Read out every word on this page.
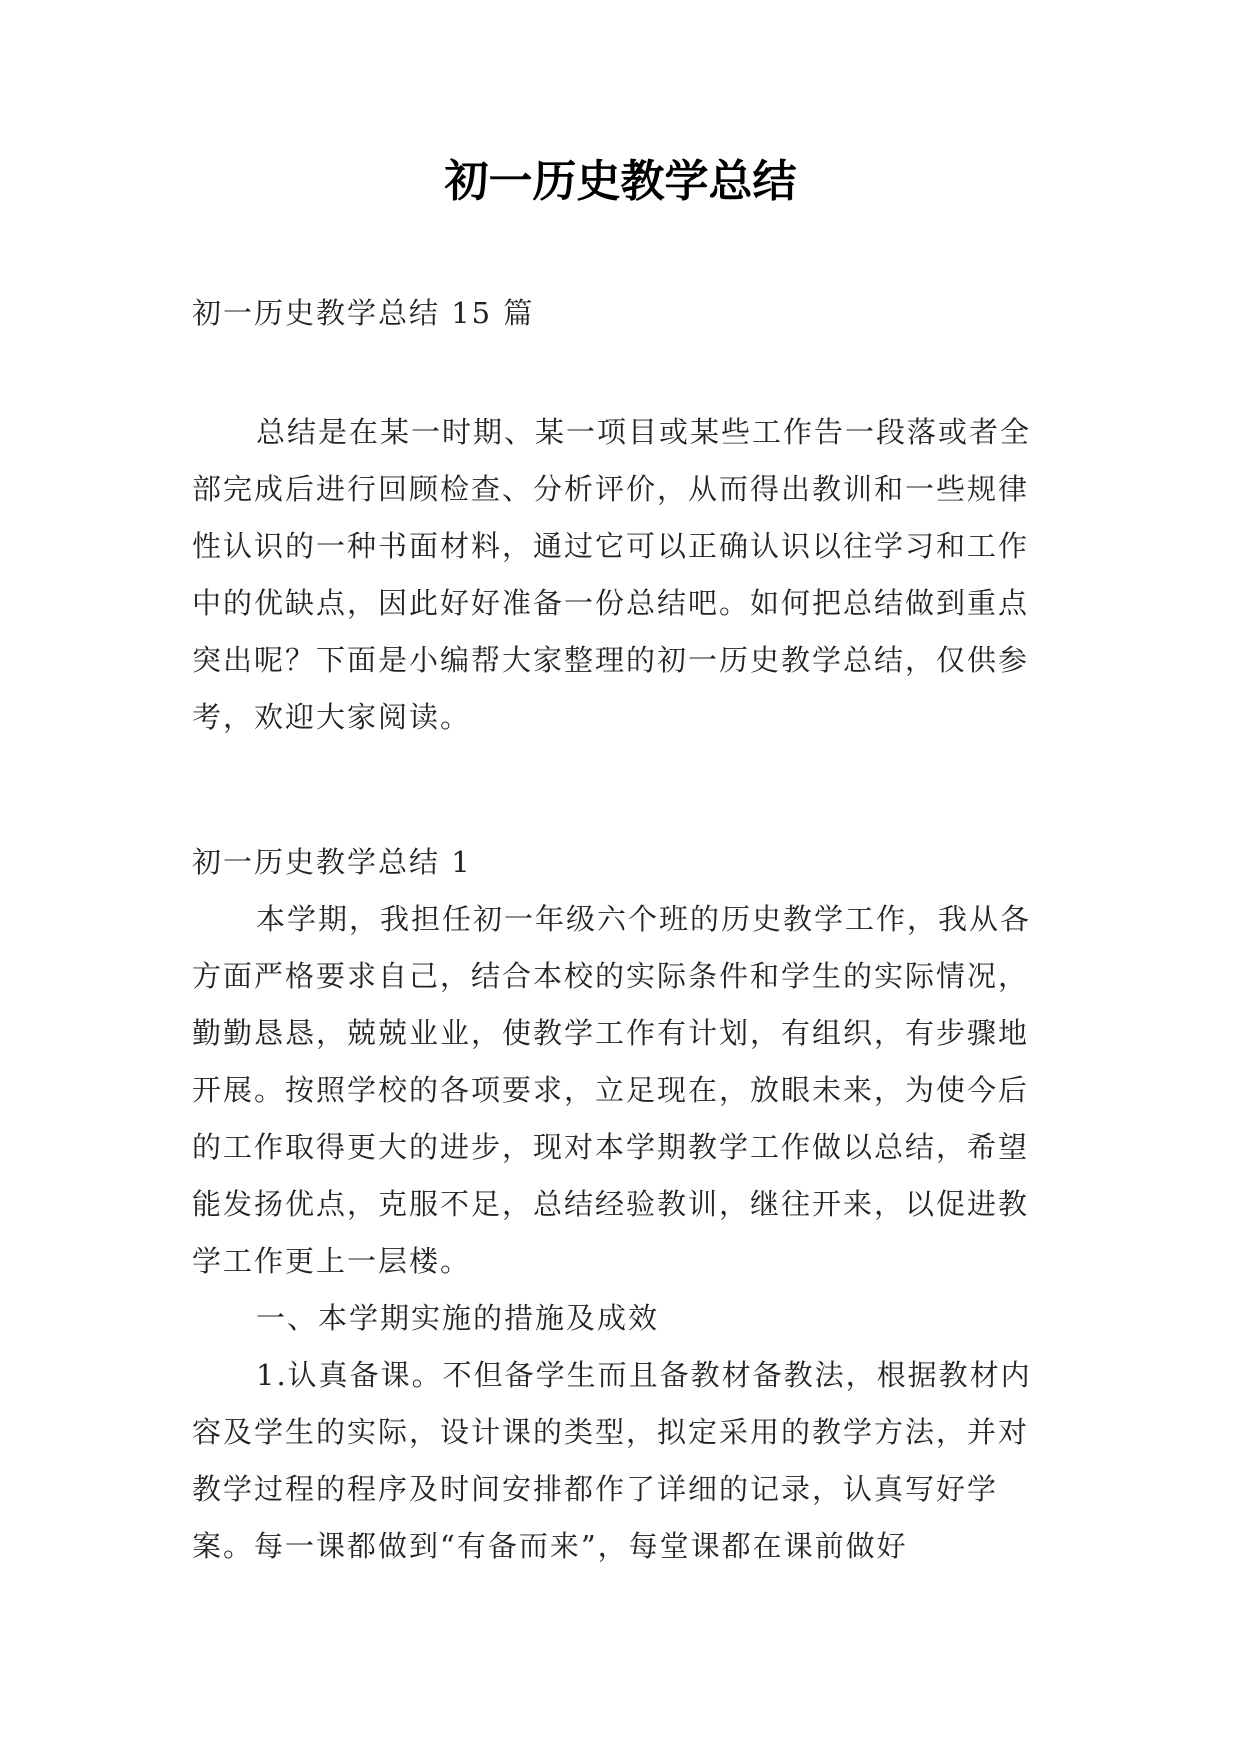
初一历史教学总结

初一历史教学总结 15 篇

总结是在某一时期、某一项目或某些工作告一段落或者全部完成后进行回顾检查、分析评价，从而得出教训和一些规律性认识的一种书面材料，通过它可以正确认识以往学习和工作中的优缺点，因此好好准备一份总结吧。如何把总结做到重点突出呢？下面是小编帮大家整理的初一历史教学总结，仅供参考，欢迎大家阅读。

初一历史教学总结 1

本学期，我担任初一年级六个班的历史教学工作，我从各方面严格要求自己，结合本校的实际条件和学生的实际情况，勤勤恳恳，兢兢业业，使教学工作有计划，有组织，有步骤地开展。按照学校的各项要求，立足现在，放眼未来，为使今后的工作取得更大的进步，现对本学期教学工作做以总结，希望能发扬优点，克服不足，总结经验教训，继往开来，以促进教学工作更上一层楼。

一、本学期实施的措施及成效

1.认真备课。不但备学生而且备教材备教法，根据教材内容及学生的实际，设计课的类型，拟定采用的教学方法，并对教学过程的程序及时间安排都作了详细的记录，认真写好学案。每一课都做到“有备而来”，每堂课都在课前做好
